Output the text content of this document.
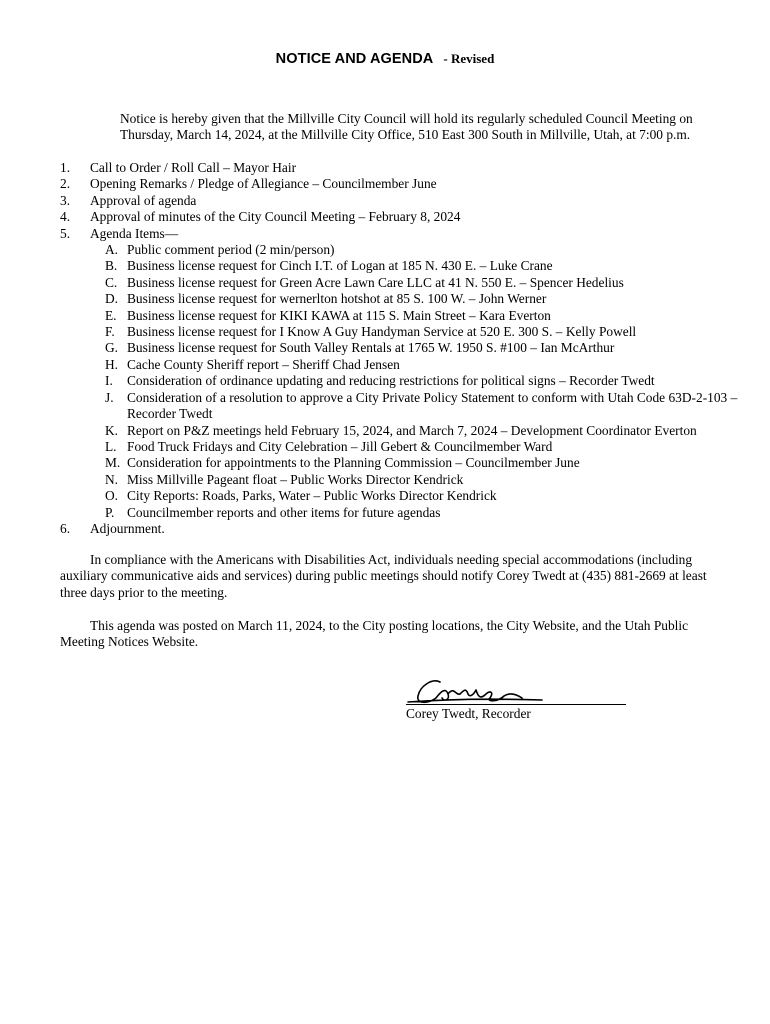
NOTICE AND AGENDA - Revised

Notice is hereby given that the Millville City Council will hold its regularly scheduled Council Meeting on Thursday, March 14, 2024, at the Millville City Office, 510 East 300 South in Millville, Utah, at 7:00 p.m.

1.	Call to Order / Roll Call – Mayor Hair
2.	Opening Remarks / Pledge of Allegiance – Councilmember June
3.	Approval of agenda
4.	Approval of minutes of the City Council Meeting – February 8, 2024
5.	Agenda Items—
A. Public comment period (2 min/person)
B. Business license request for Cinch I.T. of Logan at 185 N. 430 E. – Luke Crane
C. Business license request for Green Acre Lawn Care LLC at 41 N. 550 E. – Spencer Hedelius
D. Business license request for wernerlton hotshot at 85 S. 100 W. – John Werner
E. Business license request for KIKI KAWA at 115 S. Main Street – Kara Everton
F. Business license request for I Know A Guy Handyman Service at 520 E. 300 S. – Kelly Powell
G. Business license request for South Valley Rentals at 1765 W. 1950 S. #100 – Ian McArthur
H. Cache County Sheriff report – Sheriff Chad Jensen
I.	Consideration of ordinance updating and reducing restrictions for political signs – Recorder Twedt
J.	Consideration of a resolution to approve a City Private Policy Statement to conform with Utah Code 63D-2-103 – Recorder Twedt
K. Report on P&Z meetings held February 15, 2024, and March 7, 2024 – Development Coordinator Everton
L. Food Truck Fridays and City Celebration – Jill Gebert & Councilmember Ward
M. Consideration for appointments to the Planning Commission – Councilmember June
N. Miss Millville Pageant float – Public Works Director Kendrick
O. City Reports: Roads, Parks, Water – Public Works Director Kendrick
P. Councilmember reports and other items for future agendas
6.	Adjournment.

In compliance with the Americans with Disabilities Act, individuals needing special accommodations (including auxiliary communicative aids and services) during public meetings should notify Corey Twedt at (435) 881-2669 at least three days prior to the meeting.

This agenda was posted on March 11, 2024, to the City posting locations, the City Website, and the Utah Public Meeting Notices Website.

Corey Twedt, Recorder
